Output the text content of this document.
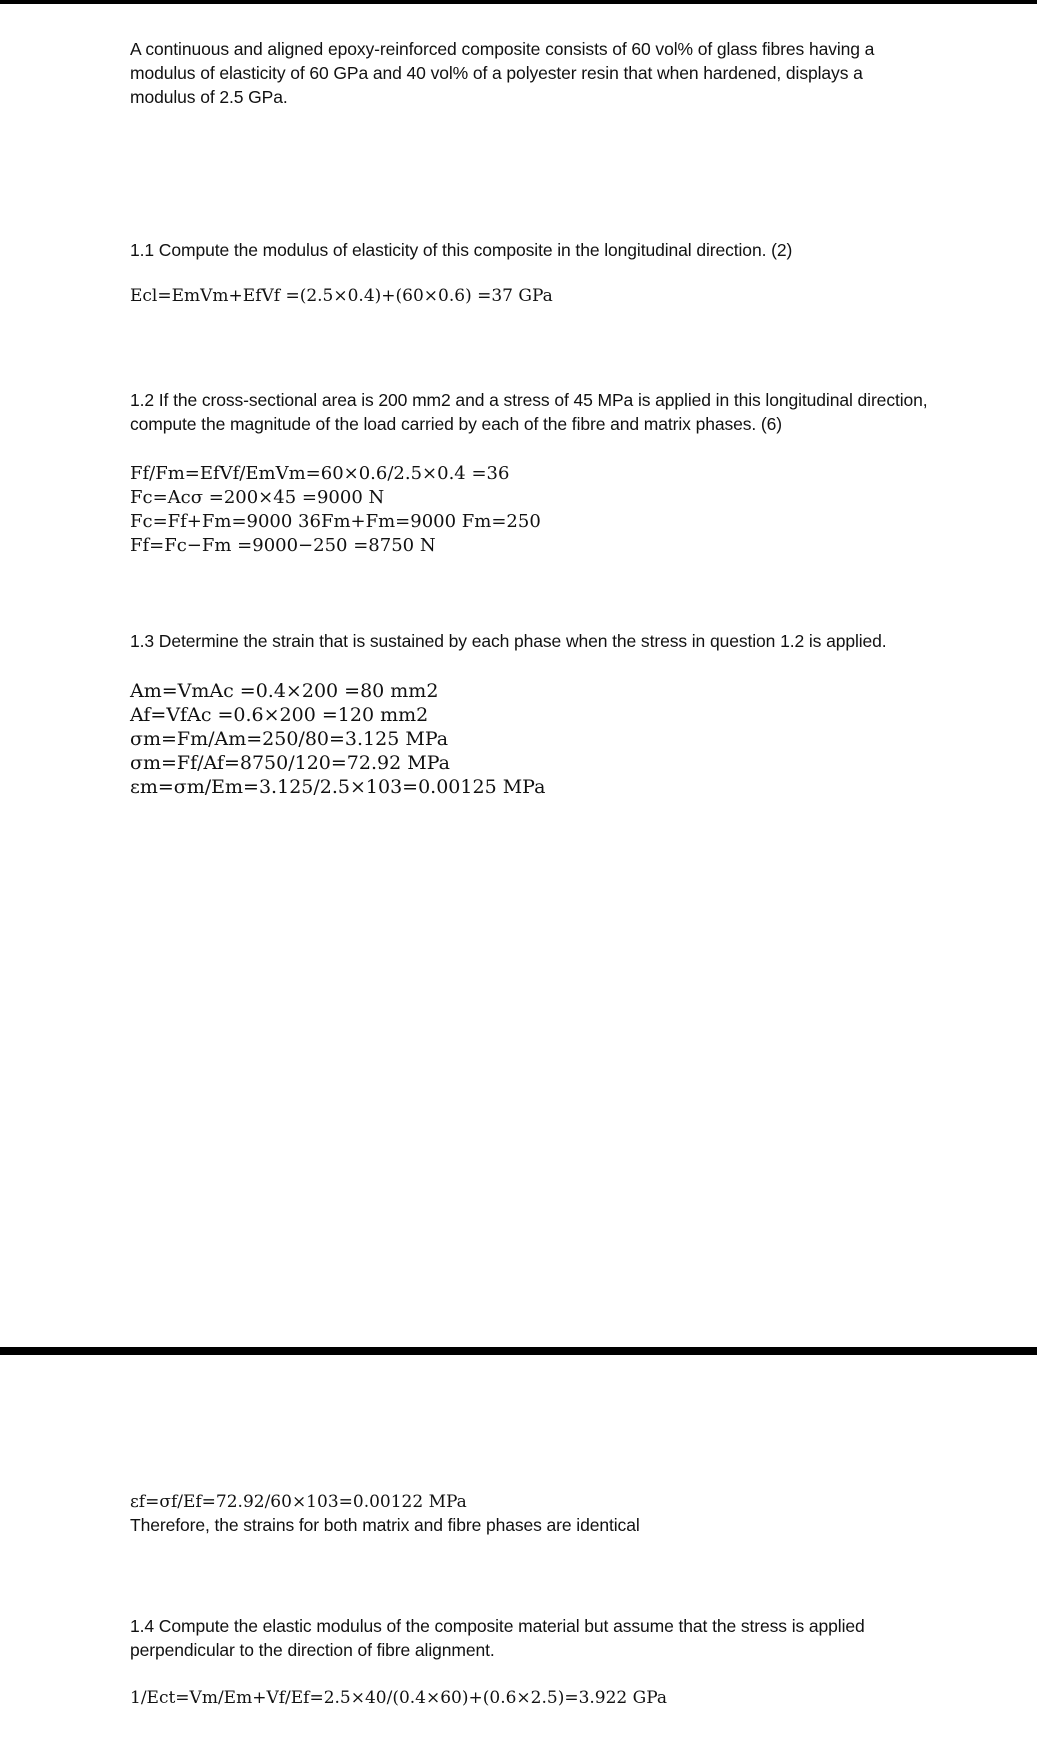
A continuous and aligned epoxy-reinforced composite consists of 60 vol% of glass fibres having a modulus of elasticity of 60 GPa and 40 vol% of a polyester resin that when hardened, displays a modulus of 2.5 GPa.
1.1 Compute the modulus of elasticity of this composite in the longitudinal direction. (2)
Ecl=EmVm+EfVf =(2.5×0.4)+(60×0.6) =37 GPa
1.2 If the cross-sectional area is 200 mm2 and a stress of 45 MPa is applied in this longitudinal direction, compute the magnitude of the load carried by each of the fibre and matrix phases. (6)
Ff/Fm=EfVf/EmVm=60×0.6/2.5×0.4 =36
Fc=Acσ =200×45 =9000 N
Fc=Ff+Fm=9000 36Fm+Fm=9000 Fm=250
Ff=Fc−Fm =9000−250 =8750 N
1.3 Determine the strain that is sustained by each phase when the stress in question 1.2 is applied.
Am=VmAc =0.4×200 =80 mm2
Af=VfAc =0.6×200 =120 mm2
σm=Fm/Am=250/80=3.125 MPa
σm=Ff/Af=8750/120=72.92 MPa
εm=σm/Em=3.125/2.5×103=0.00125 MPa
εf=σf/Ef=72.92/60×103=0.00122 MPa
Therefore, the strains for both matrix and fibre phases are identical
1.4 Compute the elastic modulus of the composite material but assume that the stress is applied perpendicular to the direction of fibre alignment.
1/Ect=Vm/Em+Vf/Ef=2.5×40/(0.4×60)+(0.6×2.5)=3.922 GPa
